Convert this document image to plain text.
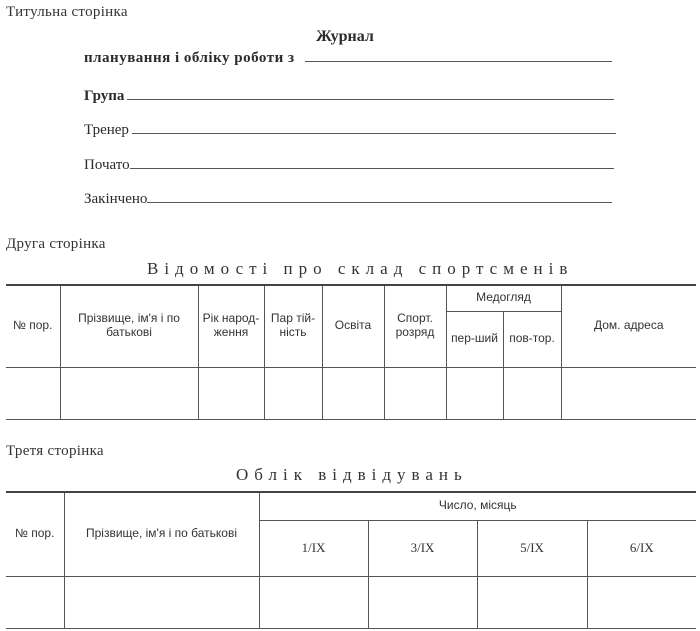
Титульна сторінка
Журнал
планування і обліку роботи з
Група
Тренер
Почато
Закінчено
Друга сторінка
Відомості про склад спортсменів
№ пор.	Прізвище, ім'я і по батькові	Рік народ-ження	Пар тій-ність	Освіта	Спорт. розряд	Медогляд		Дом. адреса
						пер-ший	пов-тор.	

Третя сторінка
Облік відвідувань
№ пор.	Прізвище, ім'я і по батькові	Число, місяць			
		1/IX	3/IX	5/IX	6/IX
